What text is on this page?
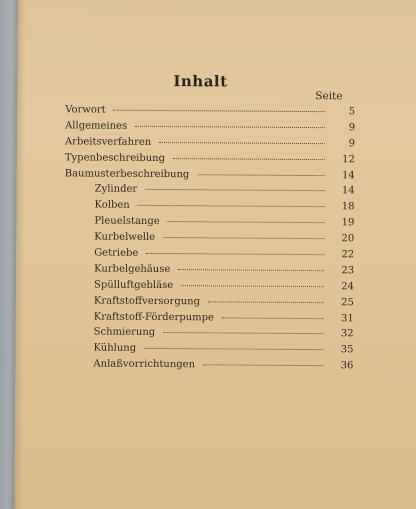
Inhalt
Seite
Vorwort	5
Allgemeines	9
Arbeitsverfahren	9
Typenbeschreibung	12
Baumusterbeschreibung	14
Zylinder	14
Kolben	18
Pleuelstange	19
Kurbelwelle	20
Getriebe	22
Kurbelgehäuse	23
Spülluftgebläse	24
Kraftstoffversorgung	25
Kraftstoff-Förderpumpe	31
Schmierung	32
Kühlung	35
Anlaßvorrichtungen	36
